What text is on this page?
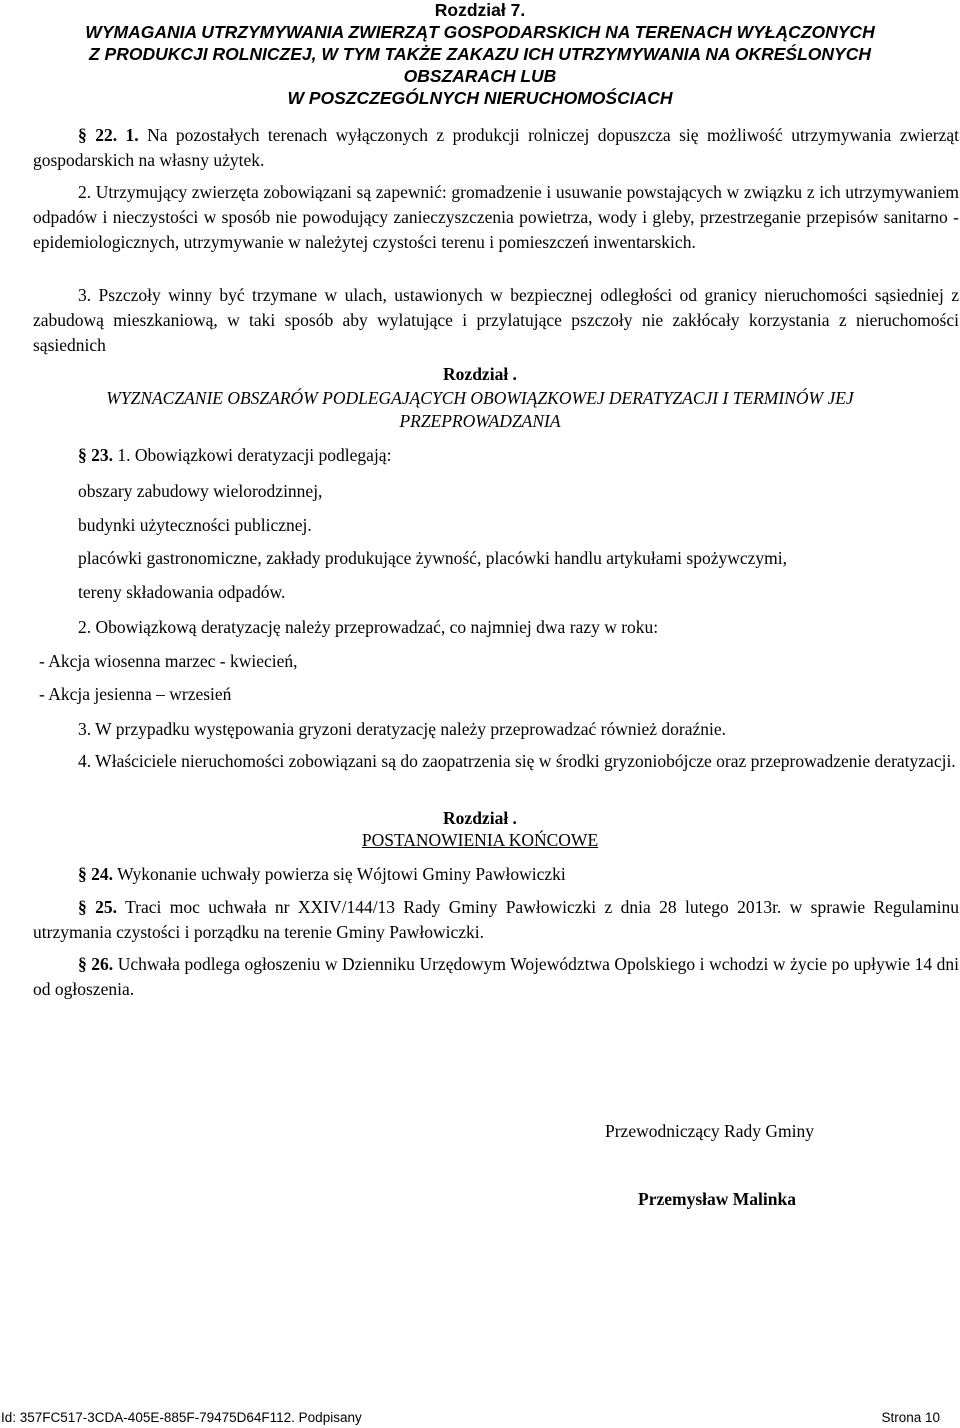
Rozdział 7.
WYMAGANIA UTRZYMYWANIA ZWIERZĄT GOSPODARSKICH NA TERENACH WYŁĄCZONYCH
Z PRODUKCJI ROLNICZEJ, W TYM TAKŻE ZAKAZU ICH UTRZYMYWANIA NA OKREŚLONYCH
OBSZARACH LUB
W POSZCZEGÓLNYCH NIERUCHOMOŚCIACH
§ 22. 1. Na pozostałych terenach wyłączonych z produkcji rolniczej dopuszcza się możliwość utrzymywania zwierząt gospodarskich na własny użytek.
2. Utrzymujący zwierzęta zobowiązani są zapewnić: gromadzenie i usuwanie powstających w związku z ich utrzymywaniem odpadów i nieczystości w sposób nie powodujący zanieczyszczenia powietrza, wody i gleby, przestrzeganie przepisów sanitarno - epidemiologicznych, utrzymywanie w należytej czystości terenu i pomieszczeń inwentarskich.
3. Pszczoły winny być trzymane w ulach, ustawionych w bezpiecznej odległości od granicy nieruchomości sąsiedniej z zabudową mieszkaniową, w taki sposób aby wylatujące i przylatujące pszczoły nie zakłócały korzystania z nieruchomości sąsiednich
Rozdział .
WYZNACZANIE OBSZARÓW PODLEGAJĄCYCH OBOWIĄZKOWEJ DERATYZACJI I TERMINÓW JEJ
PRZEPROWADZANIA
§ 23. 1. Obowiązkowi deratyzacji podlegają:
obszary zabudowy wielorodzinnej,
budynki użyteczności publicznej.
placówki gastronomiczne, zakłady produkujące żywność, placówki handlu artykułami spożywczymi,
tereny składowania odpadów.
2. Obowiązkową deratyzację należy przeprowadzać, co najmniej dwa razy w roku:
- Akcja wiosenna marzec - kwiecień,
- Akcja jesienna – wrzesień
3. W przypadku występowania gryzoni deratyzację należy przeprowadzać również doraźnie.
4. Właściciele nieruchomości zobowiązani są do zaopatrzenia się w środki gryzoniobójcze oraz przeprowadzenie deratyzacji.
Rozdział .
POSTANOWIENIA KOŃCOWE
§ 24. Wykonanie uchwały powierza się Wójtowi Gminy Pawłowiczki
§ 25. Traci moc uchwała nr XXIV/144/13 Rady Gminy Pawłowiczki z dnia 28 lutego 2013r. w sprawie Regulaminu utrzymania czystości i porządku na terenie Gminy Pawłowiczki.
§ 26. Uchwała podlega ogłoszeniu w Dzienniku Urzędowym Województwa Opolskiego i wchodzi w życie po upływie 14 dni od ogłoszenia.
Przewodniczący Rady Gminy
Przemysław Malinka
Id: 357FC517-3CDA-405E-885F-79475D64F112. Podpisany	Strona 10
